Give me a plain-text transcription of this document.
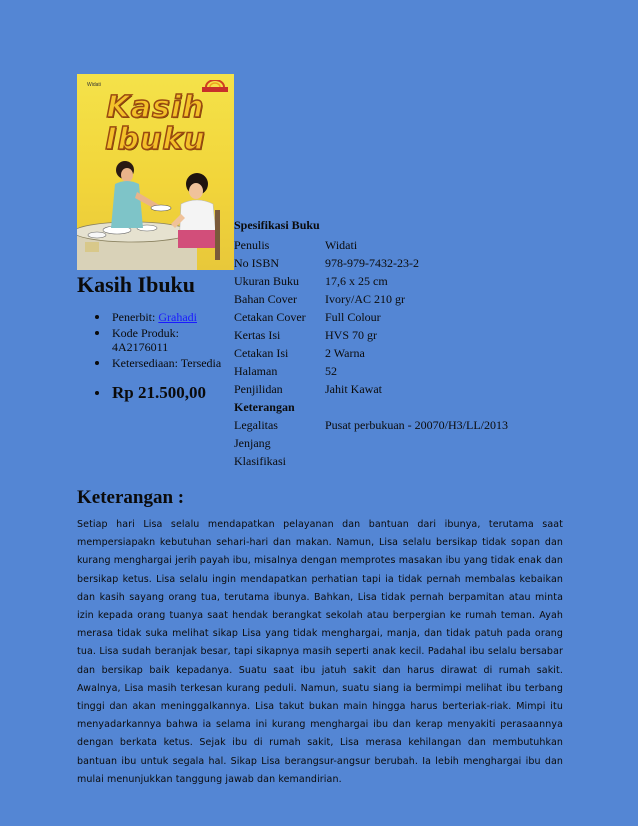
Widati
Kasih
Ibuku
Kasih Ibuku
Penerbit: Grahadi
Kode Produk:
4A2176011
Ketersediaan: Tersedia

Rp 21.500,00

Spesifikasi Buku
Penulis	Widati
No ISBN	978-979-7432-23-2
Ukuran Buku	17,6 x 25 cm
Bahan Cover	Ivory/AC 210 gr
Cetakan Cover	Full Colour
Kertas Isi	HVS 70 gr
Cetakan Isi	2 Warna
Halaman	52
Penjilidan	Jahit Kawat
Keterangan	
Legalitas	Pusat perbukuan - 20070/H3/LL/2013
Jenjang	
Klasifikasi	
Keterangan :

Setiap hari Lisa selalu mendapatkan pelayanan dan bantuan dari ibunya, terutama saat mempersiapakn kebutuhan sehari-hari dan makan. Namun, Lisa selalu bersikap tidak sopan dan kurang menghargai jerih payah ibu, misalnya dengan memprotes masakan ibu yang tidak enak dan bersikap ketus. Lisa selalu ingin mendapatkan perhatian tapi ia tidak pernah membalas kebaikan dan kasih sayang orang tua, terutama ibunya. Bahkan, Lisa tidak pernah berpamitan atau minta izin kepada orang tuanya saat hendak berangkat sekolah atau berpergian ke rumah teman. Ayah merasa tidak suka melihat sikap Lisa yang tidak menghargai, manja, dan tidak patuh pada orang tua. Lisa sudah beranjak besar, tapi sikapnya masih seperti anak kecil. Padahal ibu selalu bersabar dan bersikap baik kepadanya. Suatu saat ibu jatuh sakit dan harus dirawat di rumah sakit. Awalnya, Lisa masih terkesan kurang peduli. Namun, suatu siang ia bermimpi melihat ibu terbang tinggi dan akan meninggalkannya. Lisa takut bukan main hingga harus berteriak-riak. Mimpi itu menyadarkannya bahwa ia selama ini kurang menghargai ibu dan kerap menyakiti perasaannya dengan berkata ketus. Sejak ibu di rumah sakit, Lisa merasa kehilangan dan membutuhkan bantuan ibu untuk segala hal. Sikap Lisa berangsur-angsur berubah. Ia lebih menghargai ibu dan mulai menunjukkan tanggung jawab dan kemandirian.
